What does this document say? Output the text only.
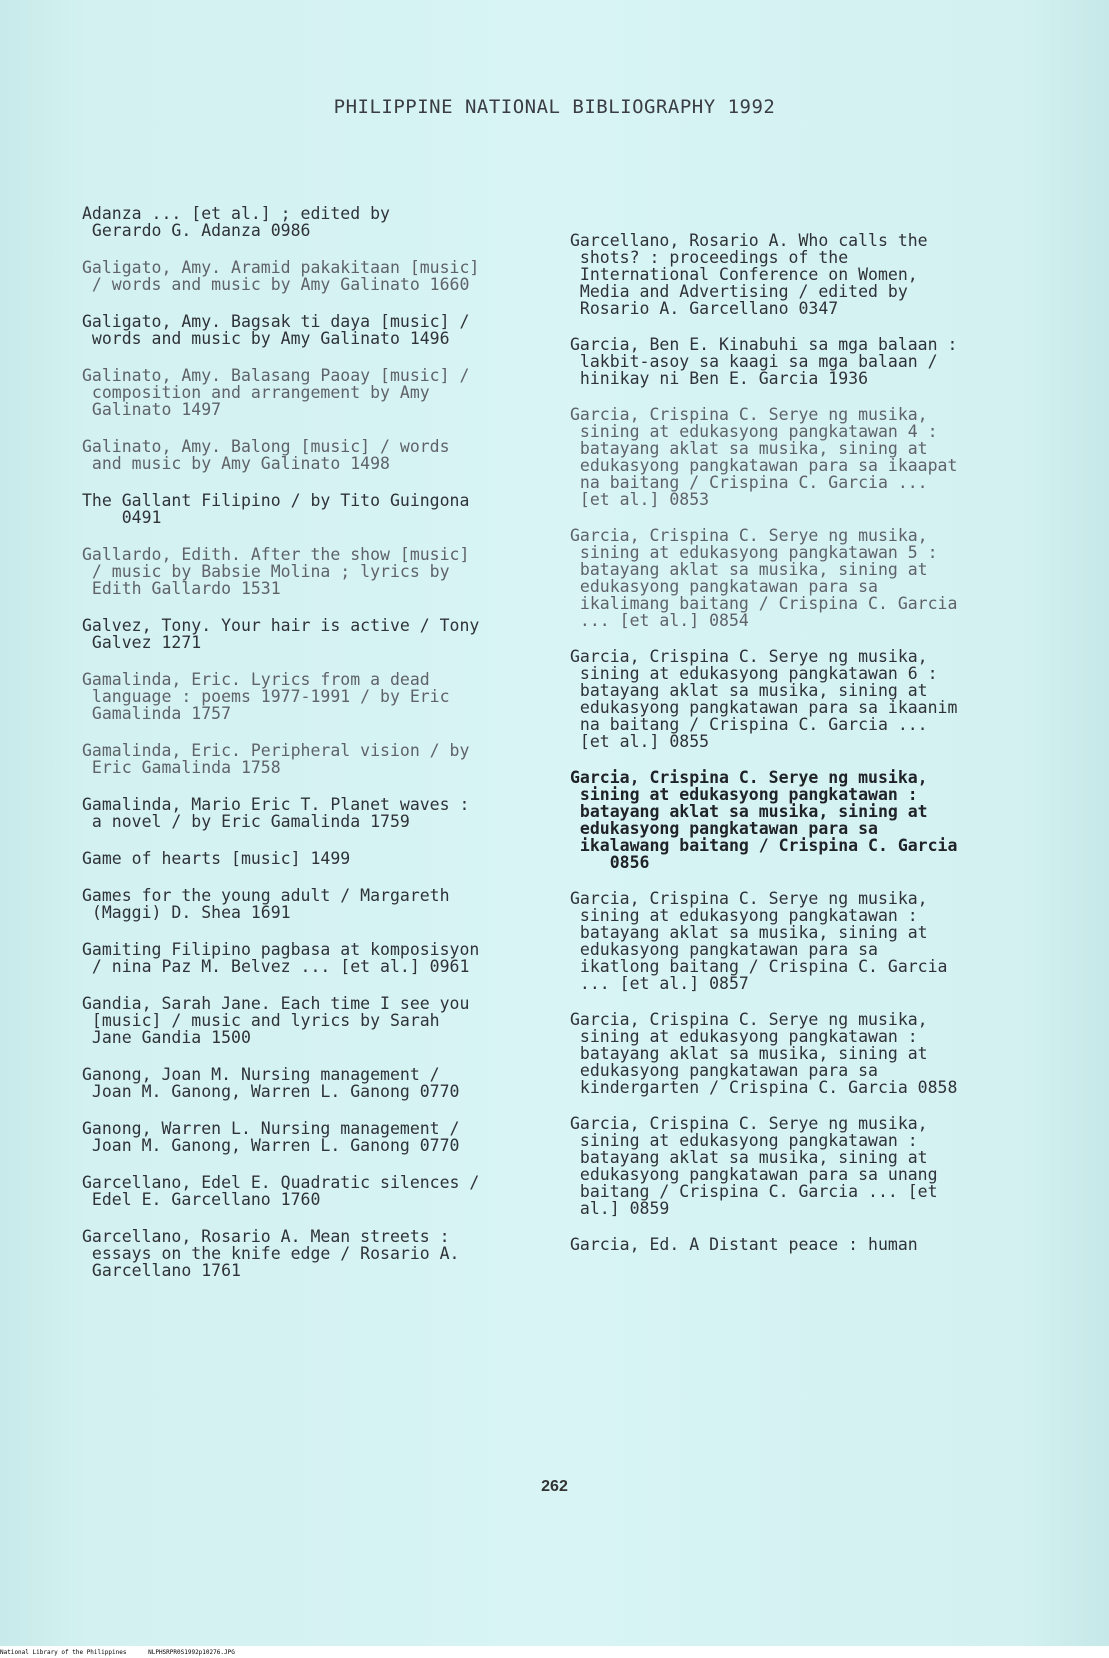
PHILIPPINE NATIONAL BIBLIOGRAPHY 1992
Adanza ... [et al.] ; edited by
Gerardo G. Adanza 0986
Galigato, Amy. Aramid pakakitaan [music]
/ words and music by Amy Galinato 1660
Galigato, Amy. Bagsak ti daya [music] /
words and music by Amy Galinato 1496
Galinato, Amy. Balasang Paoay [music] /
composition and arrangement by Amy
Galinato 1497
Galinato, Amy. Balong [music] / words
and music by Amy Galinato 1498
The Gallant Filipino / by Tito Guingona
0491
Gallardo, Edith. After the show [music]
/ music by Babsie Molina ; lyrics by
Edith Gallardo 1531
Galvez, Tony. Your hair is active / Tony
Galvez 1271
Gamalinda, Eric. Lyrics from a dead
language : poems 1977-1991 / by Eric
Gamalinda 1757
Gamalinda, Eric. Peripheral vision / by
Eric Gamalinda 1758
Gamalinda, Mario Eric T. Planet waves :
a novel / by Eric Gamalinda 1759
Game of hearts [music] 1499
Games for the young adult / Margareth
(Maggi) D. Shea 1691
Gamiting Filipino pagbasa at komposisyon
/ nina Paz M. Belvez ... [et al.] 0961
Gandia, Sarah Jane. Each time I see you
[music] / music and lyrics by Sarah
Jane Gandia 1500
Ganong, Joan M. Nursing management /
Joan M. Ganong, Warren L. Ganong 0770
Ganong, Warren L. Nursing management /
Joan M. Ganong, Warren L. Ganong 0770
Garcellano, Edel E. Quadratic silences /
Edel E. Garcellano 1760
Garcellano, Rosario A. Mean streets :
essays on the knife edge / Rosario A.
Garcellano 1761
Garcellano, Rosario A. Who calls the
shots? : proceedings of the
International Conference on Women,
Media and Advertising / edited by
Rosario A. Garcellano 0347
Garcia, Ben E. Kinabuhi sa mga balaan :
lakbit-asoy sa kaagi sa mga balaan /
hinikay ni Ben E. Garcia 1936
Garcia, Crispina C. Serye ng musika,
sining at edukasyong pangkatawan 4 :
batayang aklat sa musika, sining at
edukasyong pangkatawan para sa ikaapat
na baitang / Crispina C. Garcia ...
[et al.] 0853
Garcia, Crispina C. Serye ng musika,
sining at edukasyong pangkatawan 5 :
batayang aklat sa musika, sining at
edukasyong pangkatawan para sa
ikalimang baitang / Crispina C. Garcia
... [et al.] 0854
Garcia, Crispina C. Serye ng musika,
sining at edukasyong pangkatawan 6 :
batayang aklat sa musika, sining at
edukasyong pangkatawan para sa ikaanim
na baitang / Crispina C. Garcia ...
[et al.] 0855
Garcia, Crispina C. Serye ng musika,
sining at edukasyong pangkatawan :
batayang aklat sa musika, sining at
edukasyong pangkatawan para sa
ikalawang baitang / Crispina C. Garcia
0856
Garcia, Crispina C. Serye ng musika,
sining at edukasyong pangkatawan :
batayang aklat sa musika, sining at
edukasyong pangkatawan para sa
ikatlong baitang / Crispina C. Garcia
... [et al.] 0857
Garcia, Crispina C. Serye ng musika,
sining at edukasyong pangkatawan :
batayang aklat sa musika, sining at
edukasyong pangkatawan para sa
kindergarten / Crispina C. Garcia 0858
Garcia, Crispina C. Serye ng musika,
sining at edukasyong pangkatawan :
batayang aklat sa musika, sining at
edukasyong pangkatawan para sa unang
baitang / Crispina C. Garcia ... [et
al.] 0859
Garcia, Ed. A Distant peace : human
262
National Library of the Philippines      NLPHSRPR0S1992p10276.JPG
